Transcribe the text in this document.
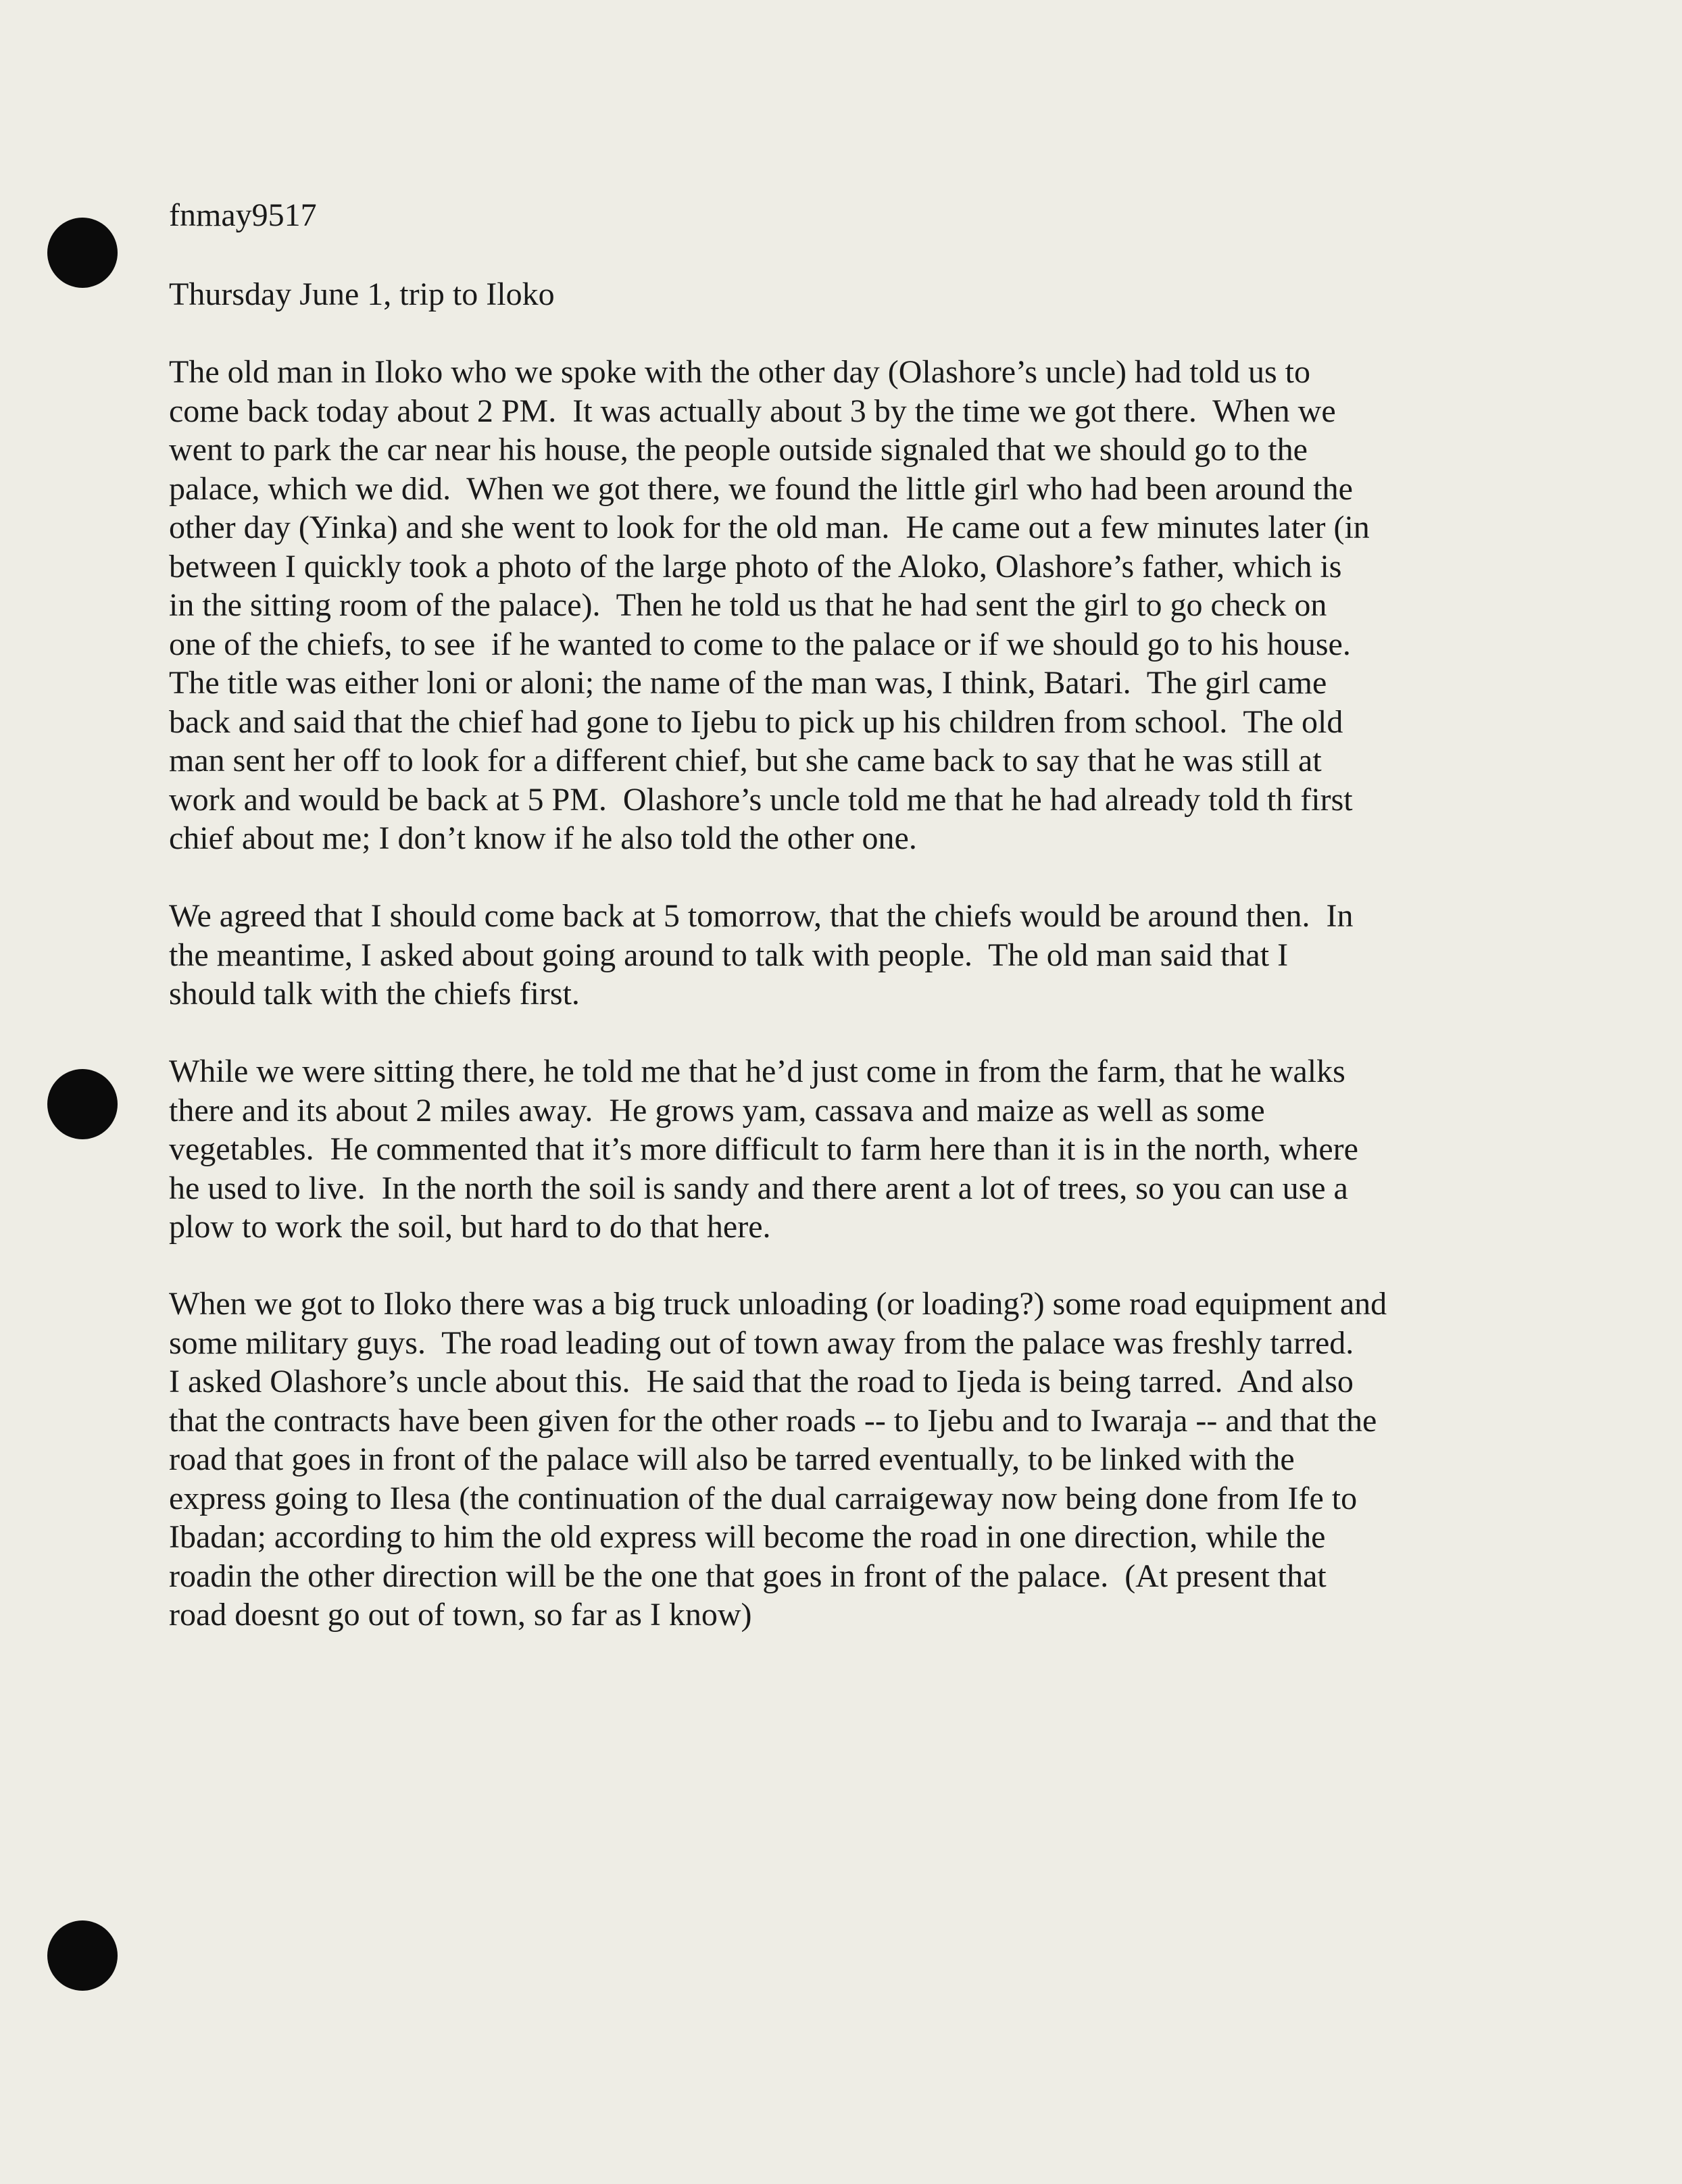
fnmay9517

Thursday June 1, trip to Iloko

The old man in Iloko who we spoke with the other day (Olashore’s uncle) had told us to
come back today about 2 PM.  It was actually about 3 by the time we got there.  When we
went to park the car near his house, the people outside signaled that we should go to the
palace, which we did.  When we got there, we found the little girl who had been around the
other day (Yinka) and she went to look for the old man.  He came out a few minutes later (in
between I quickly took a photo of the large photo of the Aloko, Olashore’s father, which is
in the sitting room of the palace).  Then he told us that he had sent the girl to go check on
one of the chiefs, to see  if he wanted to come to the palace or if we should go to his house.
The title was either loni or aloni; the name of the man was, I think, Batari.  The girl came
back and said that the chief had gone to Ijebu to pick up his children from school.  The old
man sent her off to look for a different chief, but she came back to say that he was still at
work and would be back at 5 PM.  Olashore’s uncle told me that he had already told th first
chief about me; I don’t know if he also told the other one.
We agreed that I should come back at 5 tomorrow, that the chiefs would be around then.  In
the meantime, I asked about going around to talk with people.  The old man said that I
should talk with the chiefs first.
While we were sitting there, he told me that he’d just come in from the farm, that he walks
there and its about 2 miles away.  He grows yam, cassava and maize as well as some
vegetables.  He commented that it’s more difficult to farm here than it is in the north, where
he used to live.  In the north the soil is sandy and there arent a lot of trees, so you can use a
plow to work the soil, but hard to do that here.
When we got to Iloko there was a big truck unloading (or loading?) some road equipment and
some military guys.  The road leading out of town away from the palace was freshly tarred.
I asked Olashore’s uncle about this.  He said that the road to Ijeda is being tarred.  And also
that the contracts have been given for the other roads -- to Ijebu and to Iwaraja -- and that the
road that goes in front of the palace will also be tarred eventually, to be linked with the
express going to Ilesa (the continuation of the dual carraigeway now being done from Ife to
Ibadan; according to him the old express will become the road in one direction, while the
roadin the other direction will be the one that goes in front of the palace.  (At present that
road doesnt go out of town, so far as I know)
